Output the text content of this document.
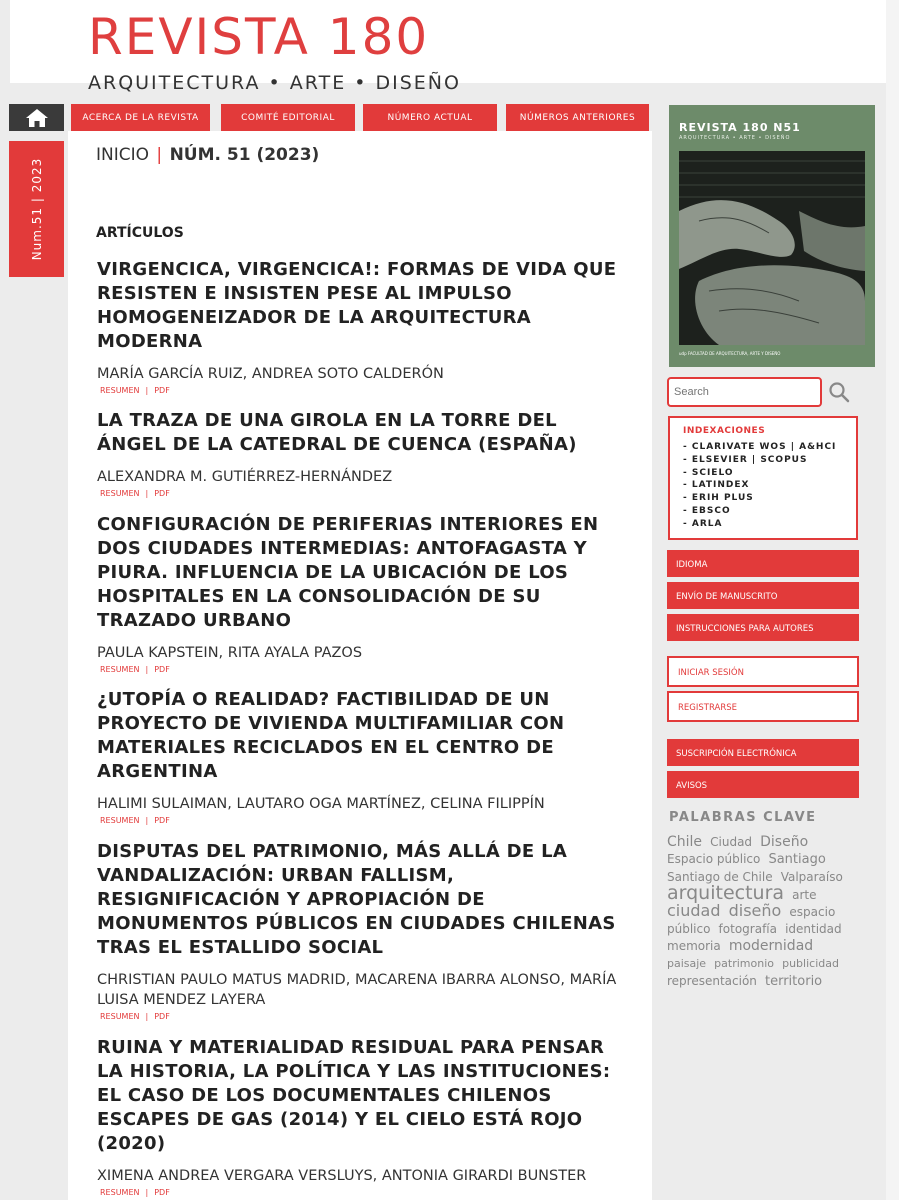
REVISTA 180
ARQUITECTURA • ARTE • DISEÑO
ACERCA DE LA REVISTA	COMITÉ EDITORIAL	NÚMERO ACTUAL	NÚMEROS ANTERIORES
Num.51 | 2023
INICIO | NÚM. 51 (2023)
ARTÍCULOS
VIRGENCICA, VIRGENCICA!: FORMAS DE VIDA QUE RESISTEN E INSISTEN PESE AL IMPULSO HOMOGENEIZADOR DE LA ARQUITECTURA MODERNA
MARÍA GARCÍA RUIZ, ANDREA SOTO CALDERÓN
RESUMEN | PDF
LA TRAZA DE UNA GIROLA EN LA TORRE DEL ÁNGEL DE LA CATEDRAL DE CUENCA (ESPAÑA)
ALEXANDRA M. GUTIÉRREZ-HERNÁNDEZ
RESUMEN | PDF
CONFIGURACIÓN DE PERIFERIAS INTERIORES EN DOS CIUDADES INTERMEDIAS: ANTOFAGASTA Y PIURA. INFLUENCIA DE LA UBICACIÓN DE LOS HOSPITALES EN LA CONSOLIDACIÓN DE SU TRAZADO URBANO
PAULA KAPSTEIN, RITA AYALA PAZOS
RESUMEN | PDF
¿UTOPÍA O REALIDAD? FACTIBILIDAD DE UN PROYECTO DE VIVIENDA MULTIFAMILIAR CON MATERIALES RECICLADOS EN EL CENTRO DE ARGENTINA
HALIMI SULAIMAN, LAUTARO OGA MARTÍNEZ, CELINA FILIPPÍN
RESUMEN | PDF
DISPUTAS DEL PATRIMONIO, MÁS ALLÁ DE LA VANDALIZACIÓN: URBAN FALLISM, RESIGNIFICACIÓN Y APROPIACIÓN DE MONUMENTOS PÚBLICOS EN CIUDADES CHILENAS TRAS EL ESTALLIDO SOCIAL
CHRISTIAN PAULO MATUS MADRID, MACARENA IBARRA ALONSO, MARÍA LUISA MENDEZ LAYERA
RESUMEN | PDF
RUINA Y MATERIALIDAD RESIDUAL PARA PENSAR LA HISTORIA, LA POLÍTICA Y LAS INSTITUCIONES: EL CASO DE LOS DOCUMENTALES CHILENOS ESCAPES DE GAS (2014) Y EL CIELO ESTÁ ROJO (2020)
XIMENA ANDREA VERGARA VERSLUYS, ANTONIA GIRARDI BUNSTER
RESUMEN | PDF
REVISTA 180 N51
ARQUITECTURA • ARTE • DISEÑO
udp FACULTAD DE ARQUITECTURA, ARTE Y DISEÑO
Search
INDEXACIONES
- CLARIVATE WOS | A&HCI
- ELSEVIER | SCOPUS
- SCIELO
- LATINDEX
- ERIH PLUS
- EBSCO
- ARLA
IDIOMA
ENVÍO DE MANUSCRITO
INSTRUCCIONES PARA AUTORES
INICIAR SESIÓN
REGISTRARSE
SUSCRIPCIÓN ELECTRÓNICA
AVISOS
PALABRAS CLAVE
Chile Ciudad Diseño Espacio público Santiago Santiago de Chile Valparaíso arquitectura arte ciudad diseño espacio público fotografía identidad memoria modernidad paisaje patrimonio publicidad representación territorio
